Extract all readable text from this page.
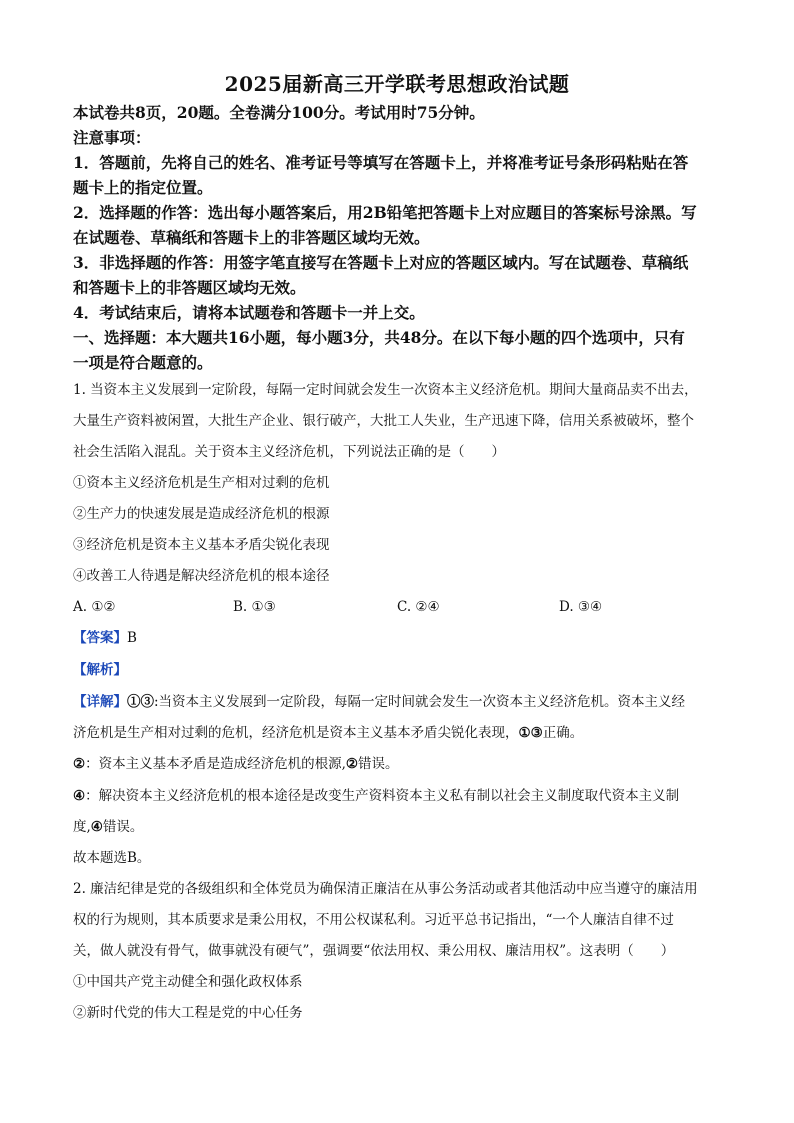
2025届新高三开学联考思想政治试题
本试卷共8页，20题。全卷满分100分。考试用时75分钟。
注意事项：
1．答题前，先将自己的姓名、准考证号等填写在答题卡上，并将准考证号条形码粘贴在答
题卡上的指定位置。
2．选择题的作答：选出每小题答案后，用2B铅笔把答题卡上对应题目的答案标号涂黑。写
在试题卷、草稿纸和答题卡上的非答题区域均无效。
3．非选择题的作答：用签字笔直接写在答题卡上对应的答题区域内。写在试题卷、草稿纸
和答题卡上的非答题区域均无效。
4．考试结束后，请将本试题卷和答题卡一并上交。
一、选择题：本大题共16小题，每小题3分，共48分。在以下每小题的四个选项中，只有
一项是符合题意的。
1. 当资本主义发展到一定阶段，每隔一定时间就会发生一次资本主义经济危机。期间大量商品卖不出去，
大量生产资料被闲置，大批生产企业、银行破产，大批工人失业，生产迅速下降，信用关系被破坏，整个
社会生活陷入混乱。关于资本主义经济危机，下列说法正确的是（　　）
①资本主义经济危机是生产相对过剩的危机
②生产力的快速发展是造成经济危机的根源
③经济危机是资本主义基本矛盾尖锐化表现
④改善工人待遇是解决经济危机的根本途径
A. ①②	B. ①③	C. ②④	D. ③④
【答案】B
【解析】
【详解】①③:当资本主义发展到一定阶段，每隔一定时间就会发生一次资本主义经济危机。资本主义经
济危机是生产相对过剩的危机，经济危机是资本主义基本矛盾尖锐化表现，①③正确。
②：资本主义基本矛盾是造成经济危机的根源,②错误。
④：解决资本主义经济危机的根本途径是改变生产资料资本主义私有制以社会主义制度取代资本主义制
度,④错误。
故本题选B。
2. 廉洁纪律是党的各级组织和全体党员为确保清正廉洁在从事公务活动或者其他活动中应当遵守的廉洁用
权的行为规则，其本质要求是秉公用权，不用公权谋私利。习近平总书记指出，“一个人廉洁自律不过
关，做人就没有骨气，做事就没有硬气”，强调要“依法用权、秉公用权、廉洁用权”。这表明（　　）
①中国共产党主动健全和强化政权体系
②新时代党的伟大工程是党的中心任务
